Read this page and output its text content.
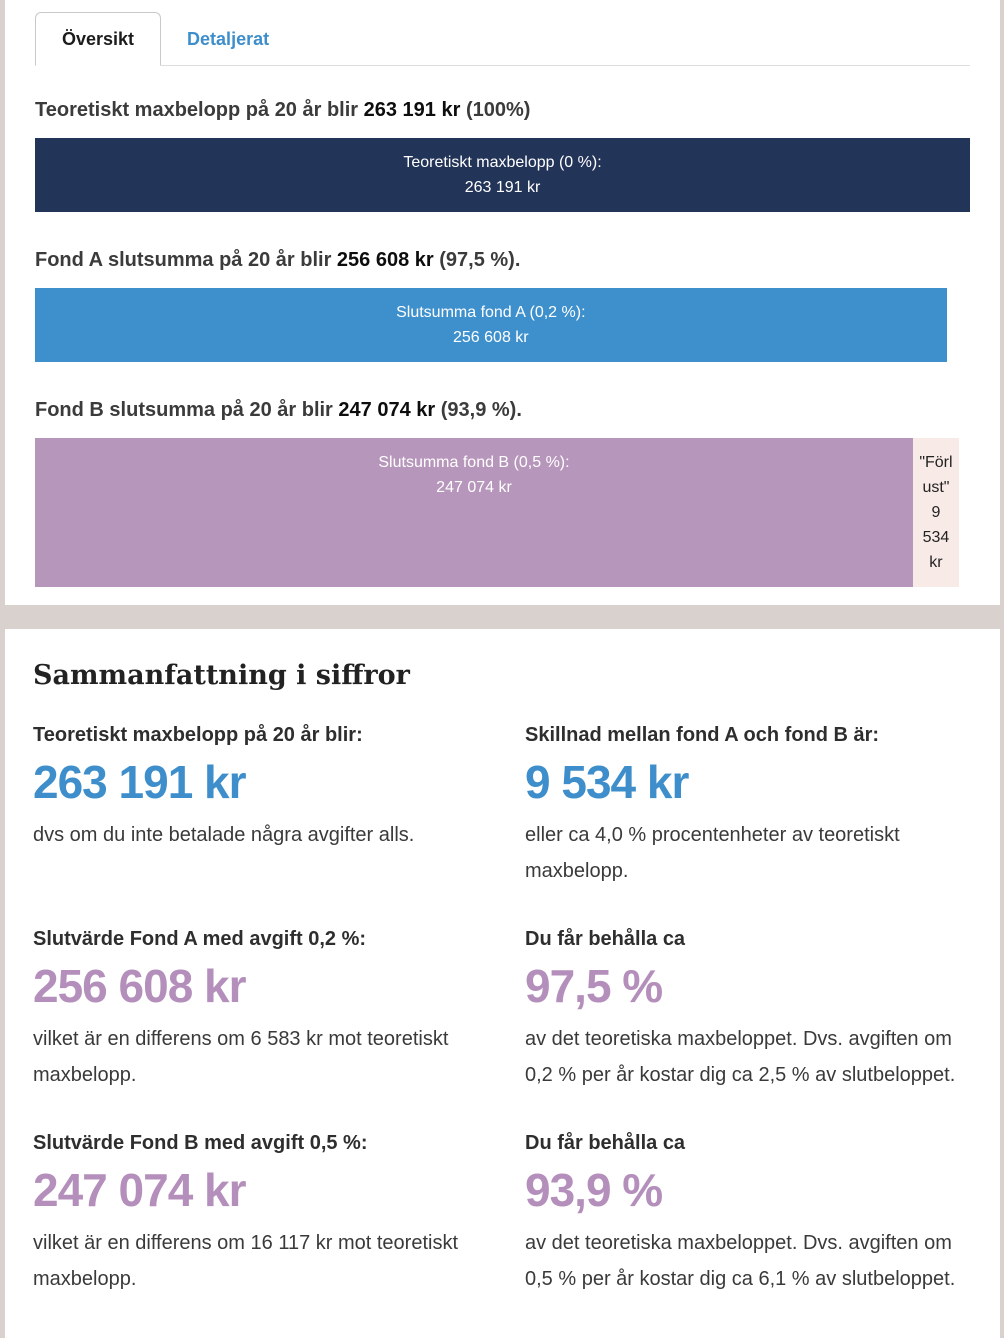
Översikt	Detaljerat
Teoretiskt maxbelopp på 20 år blir 263 191 kr (100%)
Teoretiskt maxbelopp (0 %):
263 191 kr
Fond A slutsumma på 20 år blir 256 608 kr (97,5 %).
Slutsumma fond A (0,2 %):
256 608 kr
Fond B slutsumma på 20 år blir 247 074 kr (93,9 %).
Slutsumma fond B (0,5 %):
247 074 kr
"Förlust" 9 534 kr
Sammanfattning i siffror
Teoretiskt maxbelopp på 20 år blir:
263 191 kr

dvs om du inte betalade några avgifter alls.

Skillnad mellan fond A och fond B är:
9 534 kr

eller ca 4,0 % procentenheter av teoretiskt maxbelopp.

Slutvärde Fond A med avgift 0,2 %:
256 608 kr

vilket är en differens om 6 583 kr mot teoretiskt maxbelopp.

Du får behålla ca
97,5 %

av det teoretiska maxbeloppet. Dvs. avgiften om 0,2 % per år kostar dig ca 2,5 % av slutbeloppet.

Slutvärde Fond B med avgift 0,5 %:
247 074 kr

vilket är en differens om 16 117 kr mot teoretiskt maxbelopp.

Du får behålla ca
93,9 %

av det teoretiska maxbeloppet. Dvs. avgiften om 0,5 % per år kostar dig ca 6,1 % av slutbeloppet.
